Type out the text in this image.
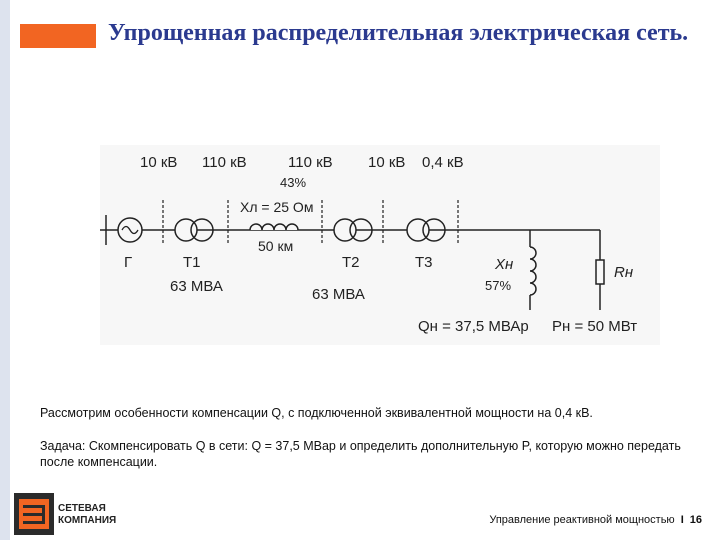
Упрощенная распределительная электрическая сеть.
10 кВ 110 кВ	110 кВ 10 кВ 0,4 кВ
43%
Xл = 25 Ом
Г	Т1
63 МВА
50 км
Т2
63 МВА
Т3	Xн
57%
Rн
Qн = 37,5 МВАр Pн = 50 МВт
Рассмотрим особенности компенсации Q, с подключенной эквивалентной мощности на 0,4 кВ.
Задача: Скомпенсировать Q в сети: Q = 37,5 МВар и определить дополнительную P, которую можно передать после компенсации.
СЕТЕВАЯ
КОМПАНИЯ	Управление реактивной мощностью I 16
